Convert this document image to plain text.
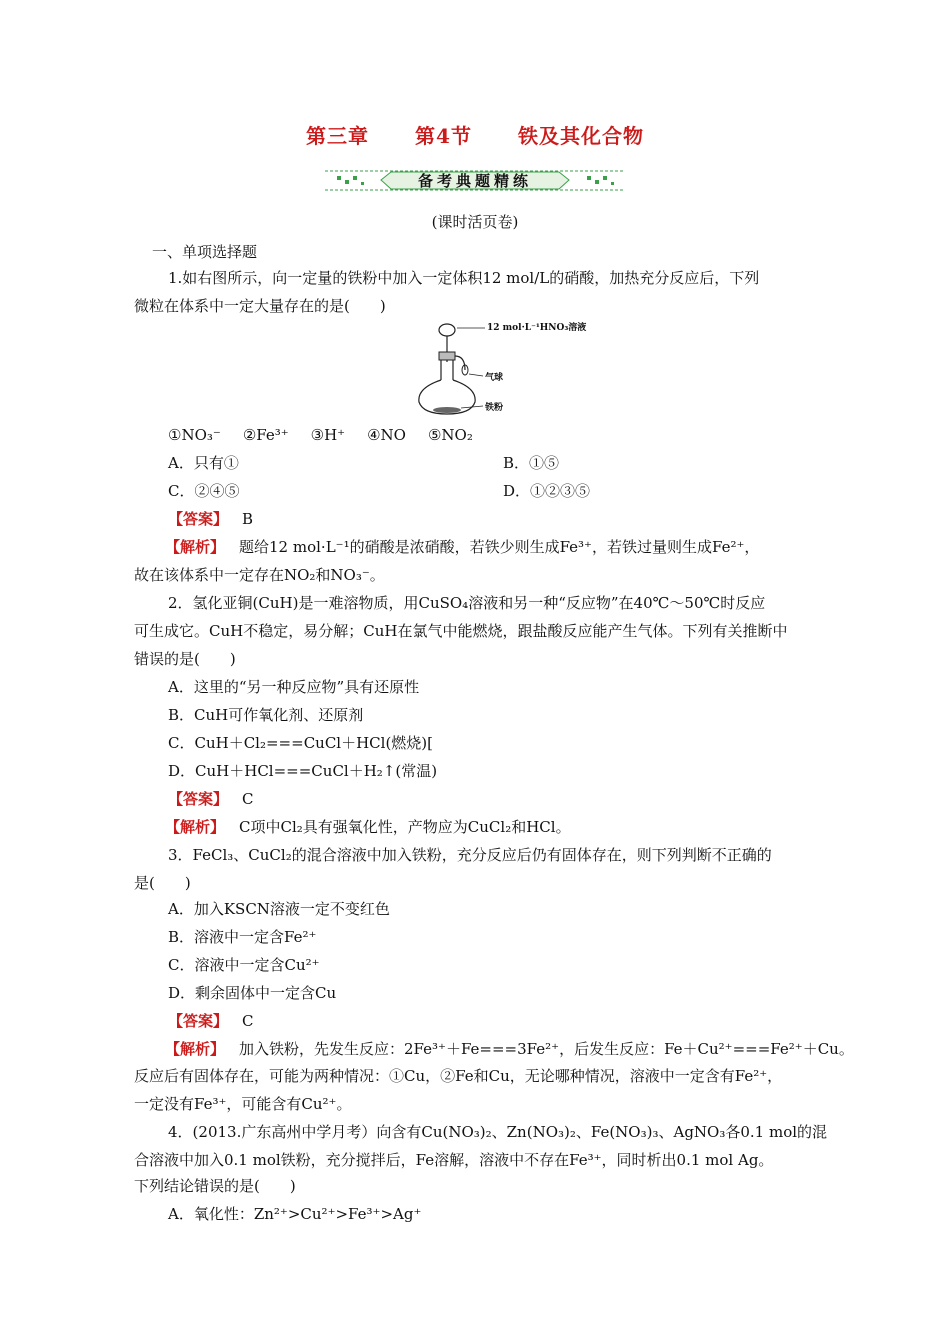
第三章 第4节 铁及其化合物
备考典题精练
(课时活页卷)
一、单项选择题
1.如右图所示，向一定量的铁粉中加入一定体积12 mol/L的硝酸，加热充分反应后，下列
微粒在体系中一定大量存在的是(　　)
12 mol·L⁻¹HNO₃溶液
气球
铁粉
①NO₃⁻ ②Fe³⁺ ③H⁺ ④NO ⑤NO₂
A．只有①	B．①⑤
C．②④⑤	D．①②③⑤
【答案】 B
【解析】 题给12 mol·L⁻¹的硝酸是浓硝酸，若铁少则生成Fe³⁺，若铁过量则生成Fe²⁺，
故在该体系中一定存在NO₂和NO₃⁻。
2．氢化亚铜(CuH)是一难溶物质，用CuSO₄溶液和另一种“反应物”在40℃～50℃时反应
可生成它。CuH不稳定，易分解；CuH在氯气中能燃烧，跟盐酸反应能产生气体。下列有关推断中
错误的是(　　)
A．这里的“另一种反应物”具有还原性
B．CuH可作氧化剂、还原剂
C．CuH＋Cl₂===CuCl＋HCl(燃烧)[
D．CuH＋HCl===CuCl＋H₂↑(常温)
【答案】 C
【解析】 C项中Cl₂具有强氧化性，产物应为CuCl₂和HCl。
3．FeCl₃、CuCl₂的混合溶液中加入铁粉，充分反应后仍有固体存在，则下列判断不正确的
是(　　)
A．加入KSCN溶液一定不变红色
B．溶液中一定含Fe²⁺
C．溶液中一定含Cu²⁺
D．剩余固体中一定含Cu
【答案】 C
【解析】 加入铁粉，先发生反应：2Fe³⁺＋Fe===3Fe²⁺，后发生反应：Fe＋Cu²⁺===Fe²⁺＋Cu。
反应后有固体存在，可能为两种情况：①Cu，②Fe和Cu，无论哪种情况，溶液中一定含有Fe²⁺，
一定没有Fe³⁺，可能含有Cu²⁺。
4．(2013.广东高州中学月考）向含有Cu(NO₃)₂、Zn(NO₃)₂、Fe(NO₃)₃、AgNO₃各0.1 mol的混
合溶液中加入0.1 mol铁粉，充分搅拌后，Fe溶解，溶液中不存在Fe³⁺，同时析出0.1 mol Ag。
下列结论错误的是(　　)
A．氧化性：Zn²⁺>Cu²⁺>Fe³⁺>Ag⁺
